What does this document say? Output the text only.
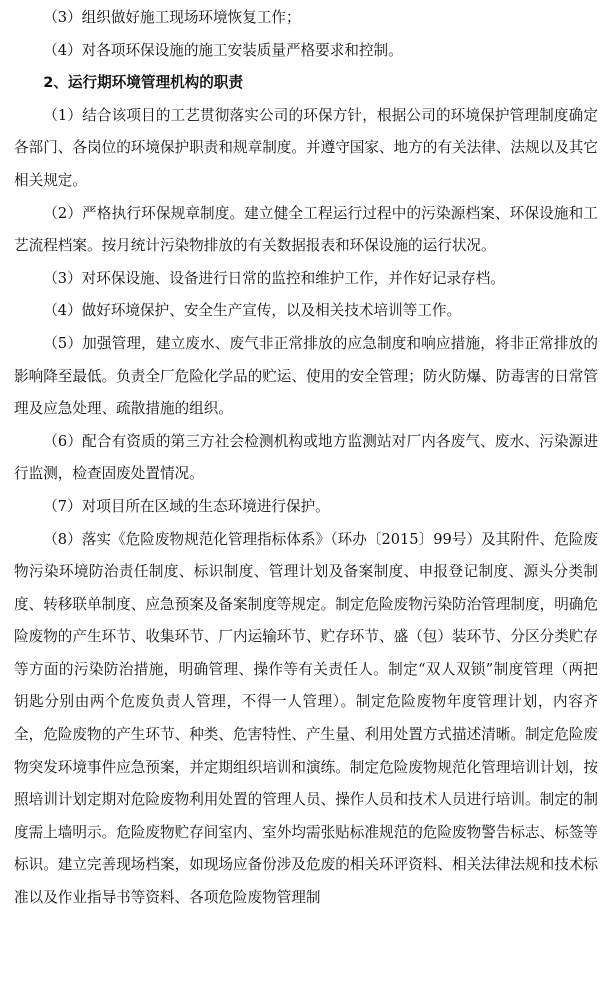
（3）组织做好施工现场环境恢复工作；

（4）对各项环保设施的施工安装质量严格要求和控制。

2、运行期环境管理机构的职责

（1）结合该项目的工艺贯彻落实公司的环保方针，根据公司的环境保护管理制度确定各部门、各岗位的环境保护职责和规章制度。并遵守国家、地方的有关法律、法规以及其它相关规定。

（2）严格执行环保规章制度。建立健全工程运行过程中的污染源档案、环保设施和工艺流程档案。按月统计污染物排放的有关数据报表和环保设施的运行状况。

（3）对环保设施、设备进行日常的监控和维护工作，并作好记录存档。

（4）做好环境保护、安全生产宣传，以及相关技术培训等工作。

（5）加强管理，建立废水、废气非正常排放的应急制度和响应措施，将非正常排放的影响降至最低。负责全厂危险化学品的贮运、使用的安全管理；防火防爆、防毒害的日常管理及应急处理、疏散措施的组织。

（6）配合有资质的第三方社会检测机构或地方监测站对厂内各废气、废水、污染源进行监测，检查固废处置情况。

（7）对项目所在区域的生态环境进行保护。

（8）落实《危险废物规范化管理指标体系》（环办〔2015〕99号）及其附件、危险废物污染环境防治责任制度、标识制度、管理计划及备案制度、申报登记制度、源头分类制度、转移联单制度、应急预案及备案制度等规定。制定危险废物污染防治管理制度，明确危险废物的产生环节、收集环节、厂内运输环节、贮存环节、盛（包）装环节、分区分类贮存等方面的污染防治措施，明确管理、操作等有关责任人。制定“双人双锁”制度管理（两把钥匙分别由两个危废负责人管理，不得一人管理）。制定危险废物年度管理计划，内容齐全，危险废物的产生环节、种类、危害特性、产生量、利用处置方式描述清晰。制定危险废物突发环境事件应急预案，并定期组织培训和演练。制定危险废物规范化管理培训计划，按照培训计划定期对危险废物利用处置的管理人员、操作人员和技术人员进行培训。制定的制度需上墙明示。危险废物贮存间室内、室外均需张贴标准规范的危险废物警告标志、标签等标识。建立完善现场档案，如现场应备份涉及危废的相关环评资料、相关法律法规和技术标准以及作业指导书等资料、各项危险废物管理制
